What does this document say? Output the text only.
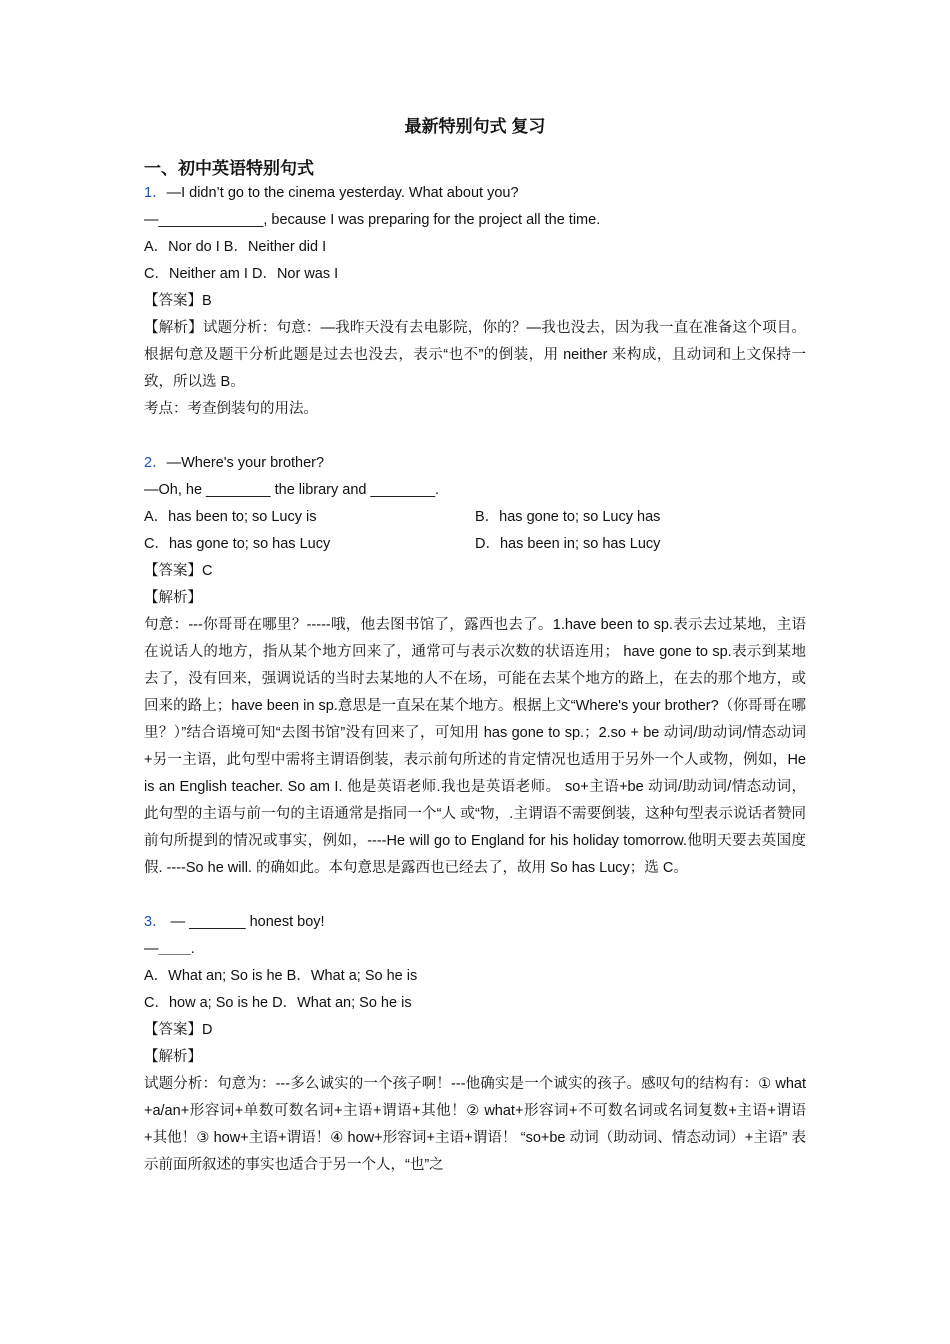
最新特别句式 复习
一、初中英语特别句式
1．—I didn’t go to the cinema yesterday. What about you?
—_____________, because I was preparing for the project all the time.
A．Nor do I B．Neither did I
C．Neither am I D．Nor was I
【答案】B
【解析】试题分析：句意：—我昨天没有去电影院，你的？—我也没去，因为我一直在准备这个项目。根据句意及题干分析此题是过去也没去，表示“也不”的倒装，用 neither 来构成，且动词和上文保持一致，所以选 B。
考点：考查倒装句的用法。
2．—Where's your brother?
—Oh, he ________ the library and ________.
A．has been to; so Lucy is	B．has gone to; so Lucy has
C．has gone to; so has Lucy	D．has been in; so has Lucy
【答案】C
【解析】
句意：---你哥哥在哪里？-----哦，他去图书馆了，露西也去了。1.have been to sp.表示去过某地，主语在说话人的地方，指从某个地方回来了，通常可与表示次数的状语连用； have gone to sp.表示到某地去了，没有回来，强调说话的当时去某地的人不在场，可能在去某个地方的路上，在去的那个地方，或回来的路上；have been in sp.意思是一直呆在某个地方。根据上文“Where's your brother?（你哥哥在哪里？）”结合语境可知“去图书馆”没有回来了，可知用 has gone to sp.；2.so + be 动词/助动词/情态动词+另一主语，此句型中需将主谓语倒装，表示前句所述的肯定情况也适用于另外一个人或物，例如，He is an English teacher. So am I. 他是英语老师.我也是英语老师。 so+主语+be 动词/助动词/情态动词， 此句型的主语与前一句的主语通常是指同一个“人 或“物，.主谓语不需要倒装，这种句型表示说话者赞同前句所提到的情况或事实，例如，----He will go to England for his holiday tomorrow.他明天要去英国度假. ----So he will. 的确如此。本句意思是露西也已经去了，故用 So has Lucy；选 C。
3． — _______ honest boy!
—____.
A．What an; So is he B．What a; So he is
C．how a; So is he D．What an; So he is
【答案】D
【解析】
试题分析：句意为：---多么诚实的一个孩子啊！---他确实是一个诚实的孩子。感叹句的结构有：① what +a/an+形容词+单数可数名词+主语+谓语+其他！② what+形容词+不可数名词或名词复数+主语+谓语+其他！③ how+主语+谓语！④ how+形容词+主语+谓语！ “so+be 动词（助动词、情态动词）+主语” 表示前面所叙述的事实也适合于另一个人，“也”之
